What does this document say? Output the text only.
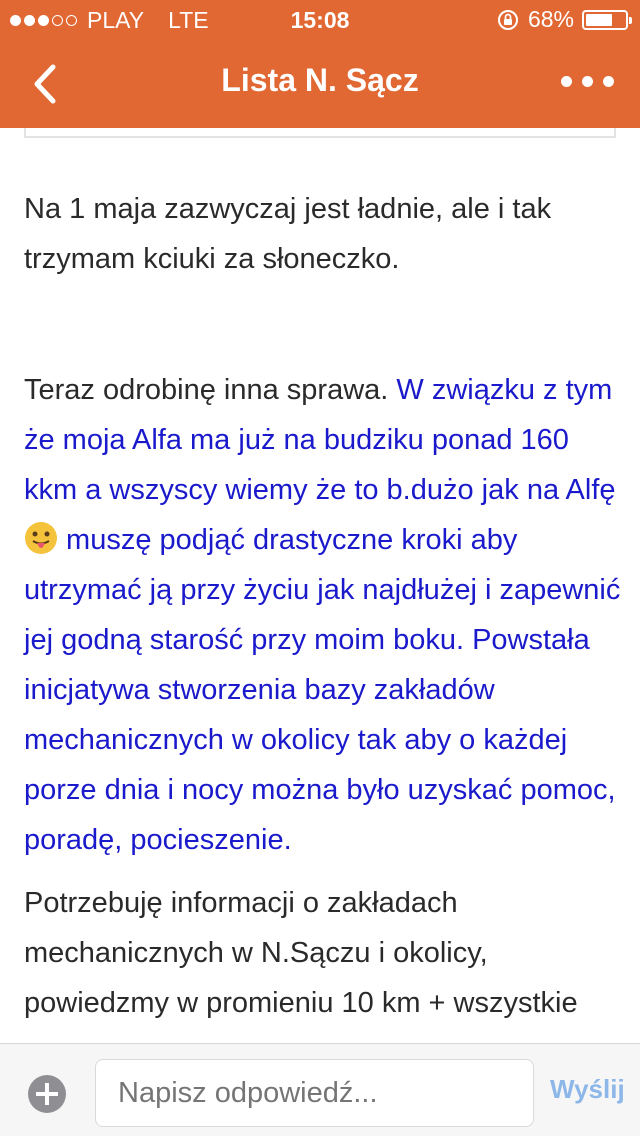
PLAY LTE	15:08	68%
Lista N. Sącz

Na 1 maja zazwyczaj jest ładnie, ale i tak trzymam kciuki za słoneczko.

Teraz odrobinę inna sprawa. W związku z tym że moja Alfa ma już na budziku ponad 160 kkm a wszyscy wiemy że to b.dużo jak na Alfę  muszę podjąć drastyczne kroki aby utrzymać ją przy życiu jak najdłużej i zapewnić jej godną starość przy moim boku. Powstała inicjatywa stworzenia bazy zakładów mechanicznych w okolicy tak aby o każdej porze dnia i nocy można było uzyskać pomoc, poradę, pocieszenie.

Potrzebuję informacji o zakładach mechanicznych w N.Sączu i okolicy, powiedzmy w promieniu 10 km + wszystkie

Napisz odpowiedź...
Wyślij
